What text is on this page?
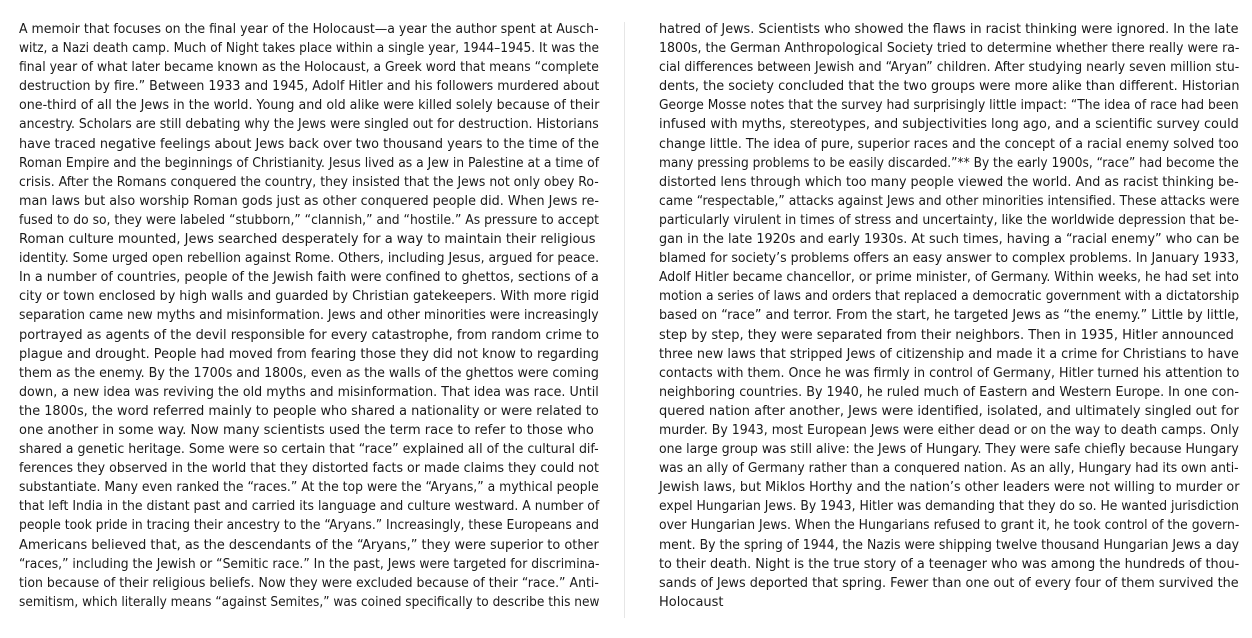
A memoir that focuses on the final year of the Holocaust—a year the author spent at Ausch-
witz, a Nazi death camp. Much of Night takes place within a single year, 1944–1945. It was the
final year of what later became known as the Holocaust, a Greek word that means “complete
destruction by fire.” Between 1933 and 1945, Adolf Hitler and his followers murdered about
one-third of all the Jews in the world. Young and old alike were killed solely because of their
ancestry. Scholars are still debating why the Jews were singled out for destruction. Historians
have traced negative feelings about Jews back over two thousand years to the time of the
Roman Empire and the beginnings of Christianity. Jesus lived as a Jew in Palestine at a time of
crisis. After the Romans conquered the country, they insisted that the Jews not only obey Ro-
man laws but also worship Roman gods just as other conquered people did. When Jews re-
fused to do so, they were labeled “stubborn,” “clannish,” and “hostile.” As pressure to accept
Roman culture mounted, Jews searched desperately for a way to maintain their religious
identity. Some urged open rebellion against Rome. Others, including Jesus, argued for peace.
In a number of countries, people of the Jewish faith were confined to ghettos, sections of a
city or town enclosed by high walls and guarded by Christian gatekeepers. With more rigid
separation came new myths and misinformation. Jews and other minorities were increasingly
portrayed as agents of the devil responsible for every catastrophe, from random crime to
plague and drought. People had moved from fearing those they did not know to regarding
them as the enemy. By the 1700s and 1800s, even as the walls of the ghettos were coming
down, a new idea was reviving the old myths and misinformation. That idea was race. Until
the 1800s, the word referred mainly to people who shared a nationality or were related to
one another in some way. Now many scientists used the term race to refer to those who
shared a genetic heritage. Some were so certain that “race” explained all of the cultural dif-
ferences they observed in the world that they distorted facts or made claims they could not
substantiate. Many even ranked the “races.” At the top were the “Aryans,” a mythical people
that left India in the distant past and carried its language and culture westward. A number of
people took pride in tracing their ancestry to the “Aryans.” Increasingly, these Europeans and
Americans believed that, as the descendants of the “Aryans,” they were superior to other
“races,” including the Jewish or “Semitic race.” In the past, Jews were targeted for discrimina-
tion because of their religious beliefs. Now they were excluded because of their “race.” Anti-
semitism, which literally means “against Semites,” was coined specifically to describe this new
hatred of Jews. Scientists who showed the flaws in racist thinking were ignored. In the late
1800s, the German Anthropological Society tried to determine whether there really were ra-
cial differences between Jewish and “Aryan” children. After studying nearly seven million stu-
dents, the society concluded that the two groups were more alike than different. Historian
George Mosse notes that the survey had surprisingly little impact: “The idea of race had been
infused with myths, stereotypes, and subjectivities long ago, and a scientific survey could
change little. The idea of pure, superior races and the concept of a racial enemy solved too
many pressing problems to be easily discarded.”** By the early 1900s, “race” had become the
distorted lens through which too many people viewed the world. And as racist thinking be-
came “respectable,” attacks against Jews and other minorities intensified. These attacks were
particularly virulent in times of stress and uncertainty, like the worldwide depression that be-
gan in the late 1920s and early 1930s. At such times, having a “racial enemy” who can be
blamed for society’s problems offers an easy answer to complex problems. In January 1933,
Adolf Hitler became chancellor, or prime minister, of Germany. Within weeks, he had set into
motion a series of laws and orders that replaced a democratic government with a dictatorship
based on “race” and terror. From the start, he targeted Jews as “the enemy.” Little by little,
step by step, they were separated from their neighbors. Then in 1935, Hitler announced
three new laws that stripped Jews of citizenship and made it a crime for Christians to have
contacts with them. Once he was firmly in control of Germany, Hitler turned his attention to
neighboring countries. By 1940, he ruled much of Eastern and Western Europe. In one con-
quered nation after another, Jews were identified, isolated, and ultimately singled out for
murder. By 1943, most European Jews were either dead or on the way to death camps. Only
one large group was still alive: the Jews of Hungary. They were safe chiefly because Hungary
was an ally of Germany rather than a conquered nation. As an ally, Hungary had its own anti-
Jewish laws, but Miklos Horthy and the nation’s other leaders were not willing to murder or
expel Hungarian Jews. By 1943, Hitler was demanding that they do so. He wanted jurisdiction
over Hungarian Jews. When the Hungarians refused to grant it, he took control of the govern-
ment. By the spring of 1944, the Nazis were shipping twelve thousand Hungarian Jews a day
to their death. Night is the true story of a teenager who was among the hundreds of thou-
sands of Jews deported that spring. Fewer than one out of every four of them survived the
Holocaust
